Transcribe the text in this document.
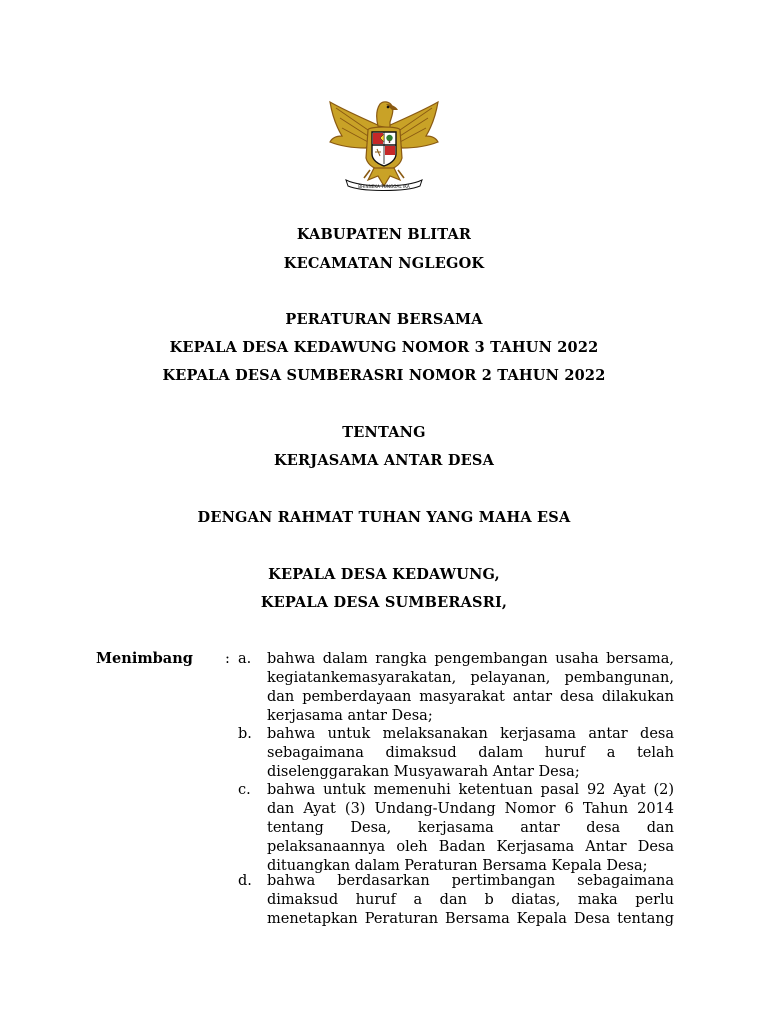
BHINNEKA TUNGGAL IKA
KABUPATEN BLITAR
KECAMATAN NGLEGOK
PERATURAN BERSAMA
KEPALA DESA KEDAWUNG NOMOR 3 TAHUN 2022
KEPALA DESA SUMBERASRI NOMOR 2 TAHUN 2022
TENTANG
KERJASAMA ANTAR DESA
DENGAN RAHMAT TUHAN YANG MAHA ESA
KEPALA DESA KEDAWUNG,
KEPALA DESA SUMBERASRI,
Menimbang : a.	bahwa dalam rangka pengembangan usaha bersama,
kegiatankemasyarakatan, pelayanan, pembangunan,
dan pemberdayaan masyarakat antar desa dilakukan
kerjasama antar Desa;
b.	bahwa untuk melaksanakan kerjasama antar desa
sebagaimana dimaksud dalam huruf a telah
diselenggarakan Musyawarah Antar Desa;
c.	bahwa untuk memenuhi ketentuan pasal 92 Ayat (2)
dan Ayat (3) Undang-Undang Nomor 6 Tahun 2014
tentang Desa, kerjasama antar desa dan
pelaksanaannya oleh Badan Kerjasama Antar Desa
dituangkan dalam Peraturan Bersama Kepala Desa;
d.	bahwa berdasarkan pertimbangan sebagaimana
dimaksud huruf a dan b diatas, maka perlu
menetapkan Peraturan Bersama Kepala Desa tentang
